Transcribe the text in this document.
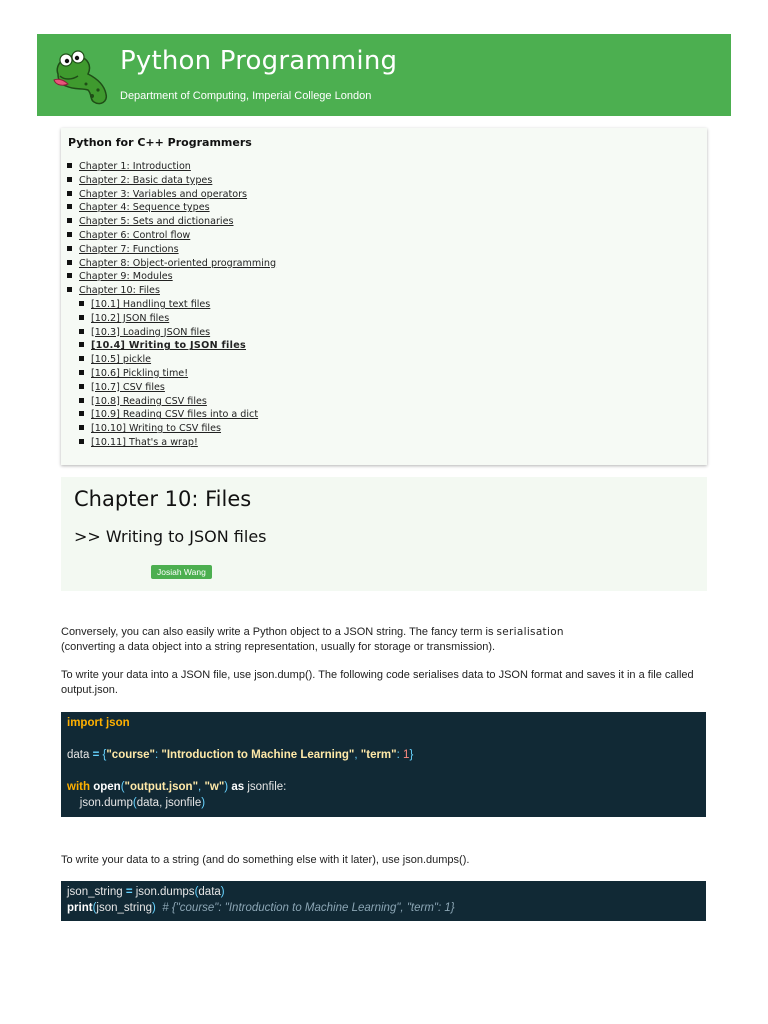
Python Programming
Department of Computing, Imperial College London
Python for C++ Programmers
Chapter 1: Introduction
Chapter 2: Basic data types
Chapter 3: Variables and operators
Chapter 4: Sequence types
Chapter 5: Sets and dictionaries
Chapter 6: Control flow
Chapter 7: Functions
Chapter 8: Object-oriented programming
Chapter 9: Modules
Chapter 10: Files
[10.1] Handling text files
[10.2] JSON files
[10.3] Loading JSON files
[10.4] Writing to JSON files
[10.5] pickle
[10.6] Pickling time!
[10.7] CSV files
[10.8] Reading CSV files
[10.9] Reading CSV files into a dict
[10.10] Writing to CSV files
[10.11] That's a wrap!
Chapter 10: Files
>> Writing to JSON files
Josiah Wang
Conversely, you can also easily write a Python object to a JSON string. The fancy term is serialisation
(converting a data object into a string representation, usually for storage or transmission).
To write your data into a JSON file, use json.dump(). The following code serialises data to JSON format and saves it in a file called output.json.
import json
data = {"course": "Introduction to Machine Learning", "term": 1}
with open("output.json", "w") as jsonfile:
json.dump(data, jsonfile)
To write your data to a string (and do something else with it later), use json.dumps().
json_string = json.dumps(data)
print(json_string) # {"course": "Introduction to Machine Learning", "term": 1}
